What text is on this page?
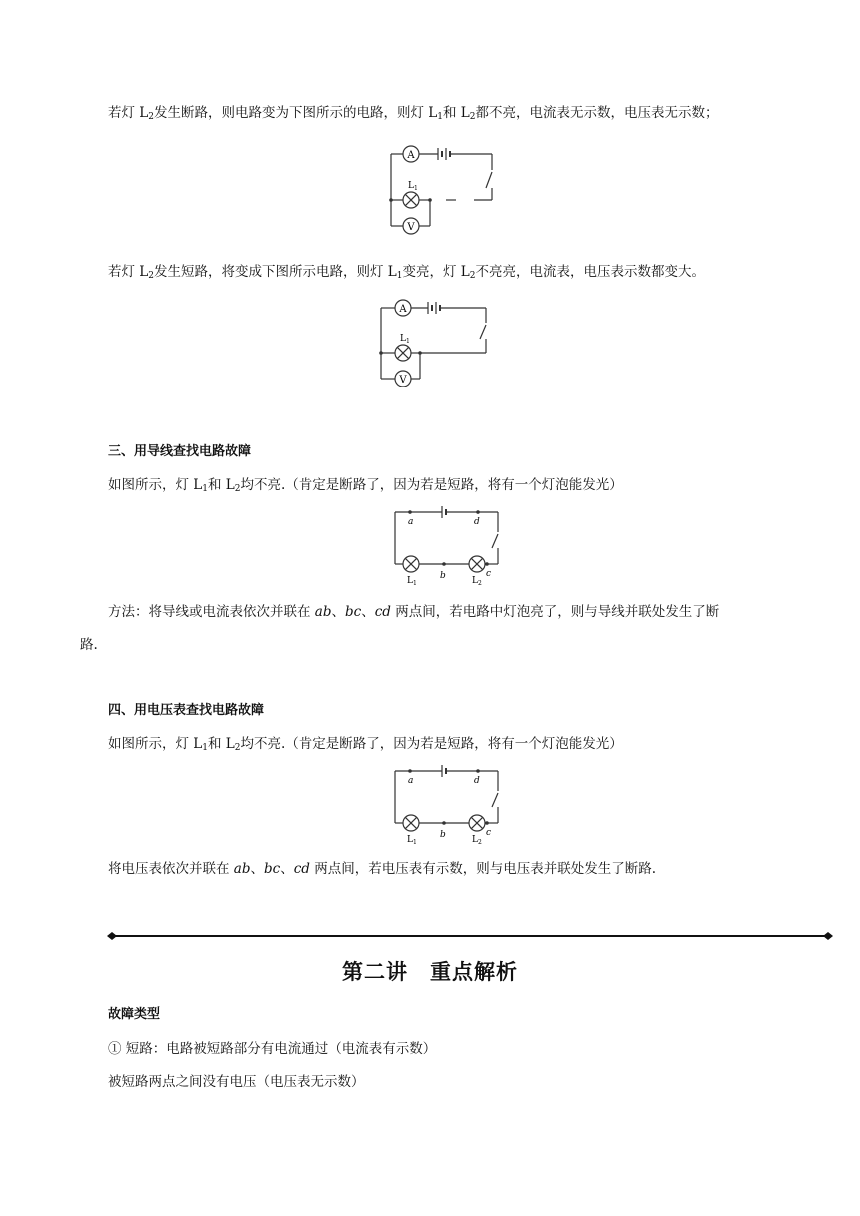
若灯 $L_2$发生断路，则电路变为下图所示的电路，则灯 $L_1$和 $L_2$都不亮，电流表无示数，电压表无示数；
A
V
$L_1$
若灯 $L_2$发生短路，将变成下图所示电路，则灯 $L_1$变亮，灯 $L_2$不亮亮，电流表，电压表示数都变大。
A
V
$L_1$
三、用导线查找电路故障
如图所示，灯 $L_1$和 $L_2$均不亮.（肯定是断路了，因为若是短路，将有一个灯泡能发光）
a	d
b	c
$L_1$	$L_2$
方法：将导线或电流表依次并联在 ab、bc、cd 两点间，若电路中灯泡亮了，则与导线并联处发生了断
路.
四、用电压表查找电路故障
如图所示，灯 $L_1$和 $L_2$均不亮.（肯定是断路了，因为若是短路，将有一个灯泡能发光）
a	d
b	c
$L_1$	$L_2$
将电压表依次并联在 ab、bc、cd 两点间，若电压表有示数，则与电压表并联处发生了断路.
第二讲　重点解析
故障类型
① 短路：电路被短路部分有电流通过（电流表有示数）
被短路两点之间没有电压（电压表无示数）
